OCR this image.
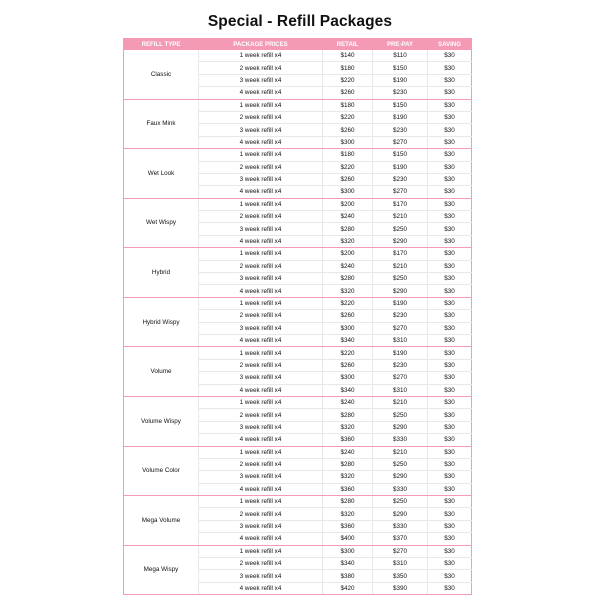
Special - Refill Packages
REFILL TYPE	PACKAGE PRICES	RETAIL	PRE-PAY	SAVING
Classic	1 week refill x4	$140	$110	$30
	2 week refill x4	$180	$150	$30
	3 week refill x4	$220	$190	$30
	4 week refill x4	$260	$230	$30
Faux Mink	1 week refill x4	$180	$150	$30
	2 week refill x4	$220	$190	$30
	3 week refill x4	$260	$230	$30
	4 week refill x4	$300	$270	$30
Wet Look	1 week refill x4	$180	$150	$30
	2 week refill x4	$220	$190	$30
	3 week refill x4	$260	$230	$30
	4 week refill x4	$300	$270	$30
Wet Wispy	1 week refill x4	$200	$170	$30
	2 week refill x4	$240	$210	$30
	3 week refill x4	$280	$250	$30
	4 week refill x4	$320	$290	$30
Hybrid	1 week refill x4	$200	$170	$30
	2 week refill x4	$240	$210	$30
	3 week refill x4	$280	$250	$30
	4 week refill x4	$320	$290	$30
Hybrid Wispy	1 week refill x4	$220	$190	$30
	2 week refill x4	$260	$230	$30
	3 week refill x4	$300	$270	$30
	4 week refill x4	$340	$310	$30
Volume	1 week refill x4	$220	$190	$30
	2 week refill x4	$260	$230	$30
	3 week refill x4	$300	$270	$30
	4 week refill x4	$340	$310	$30
Volume Wispy	1 week refill x4	$240	$210	$30
	2 week refill x4	$280	$250	$30
	3 week refill x4	$320	$290	$30
	4 week refill x4	$360	$330	$30
Volume Color	1 week refill x4	$240	$210	$30
	2 week refill x4	$280	$250	$30
	3 week refill x4	$320	$290	$30
	4 week refill x4	$360	$330	$30
Mega Volume	1 week refill x4	$280	$250	$30
	2 week refill x4	$320	$290	$30
	3 week refill x4	$360	$330	$30
	4 week refill x4	$400	$370	$30
Mega Wispy	1 week refill x4	$300	$270	$30
	2 week refill x4	$340	$310	$30
	3 week refill x4	$380	$350	$30
	4 week refill x4	$420	$390	$30
